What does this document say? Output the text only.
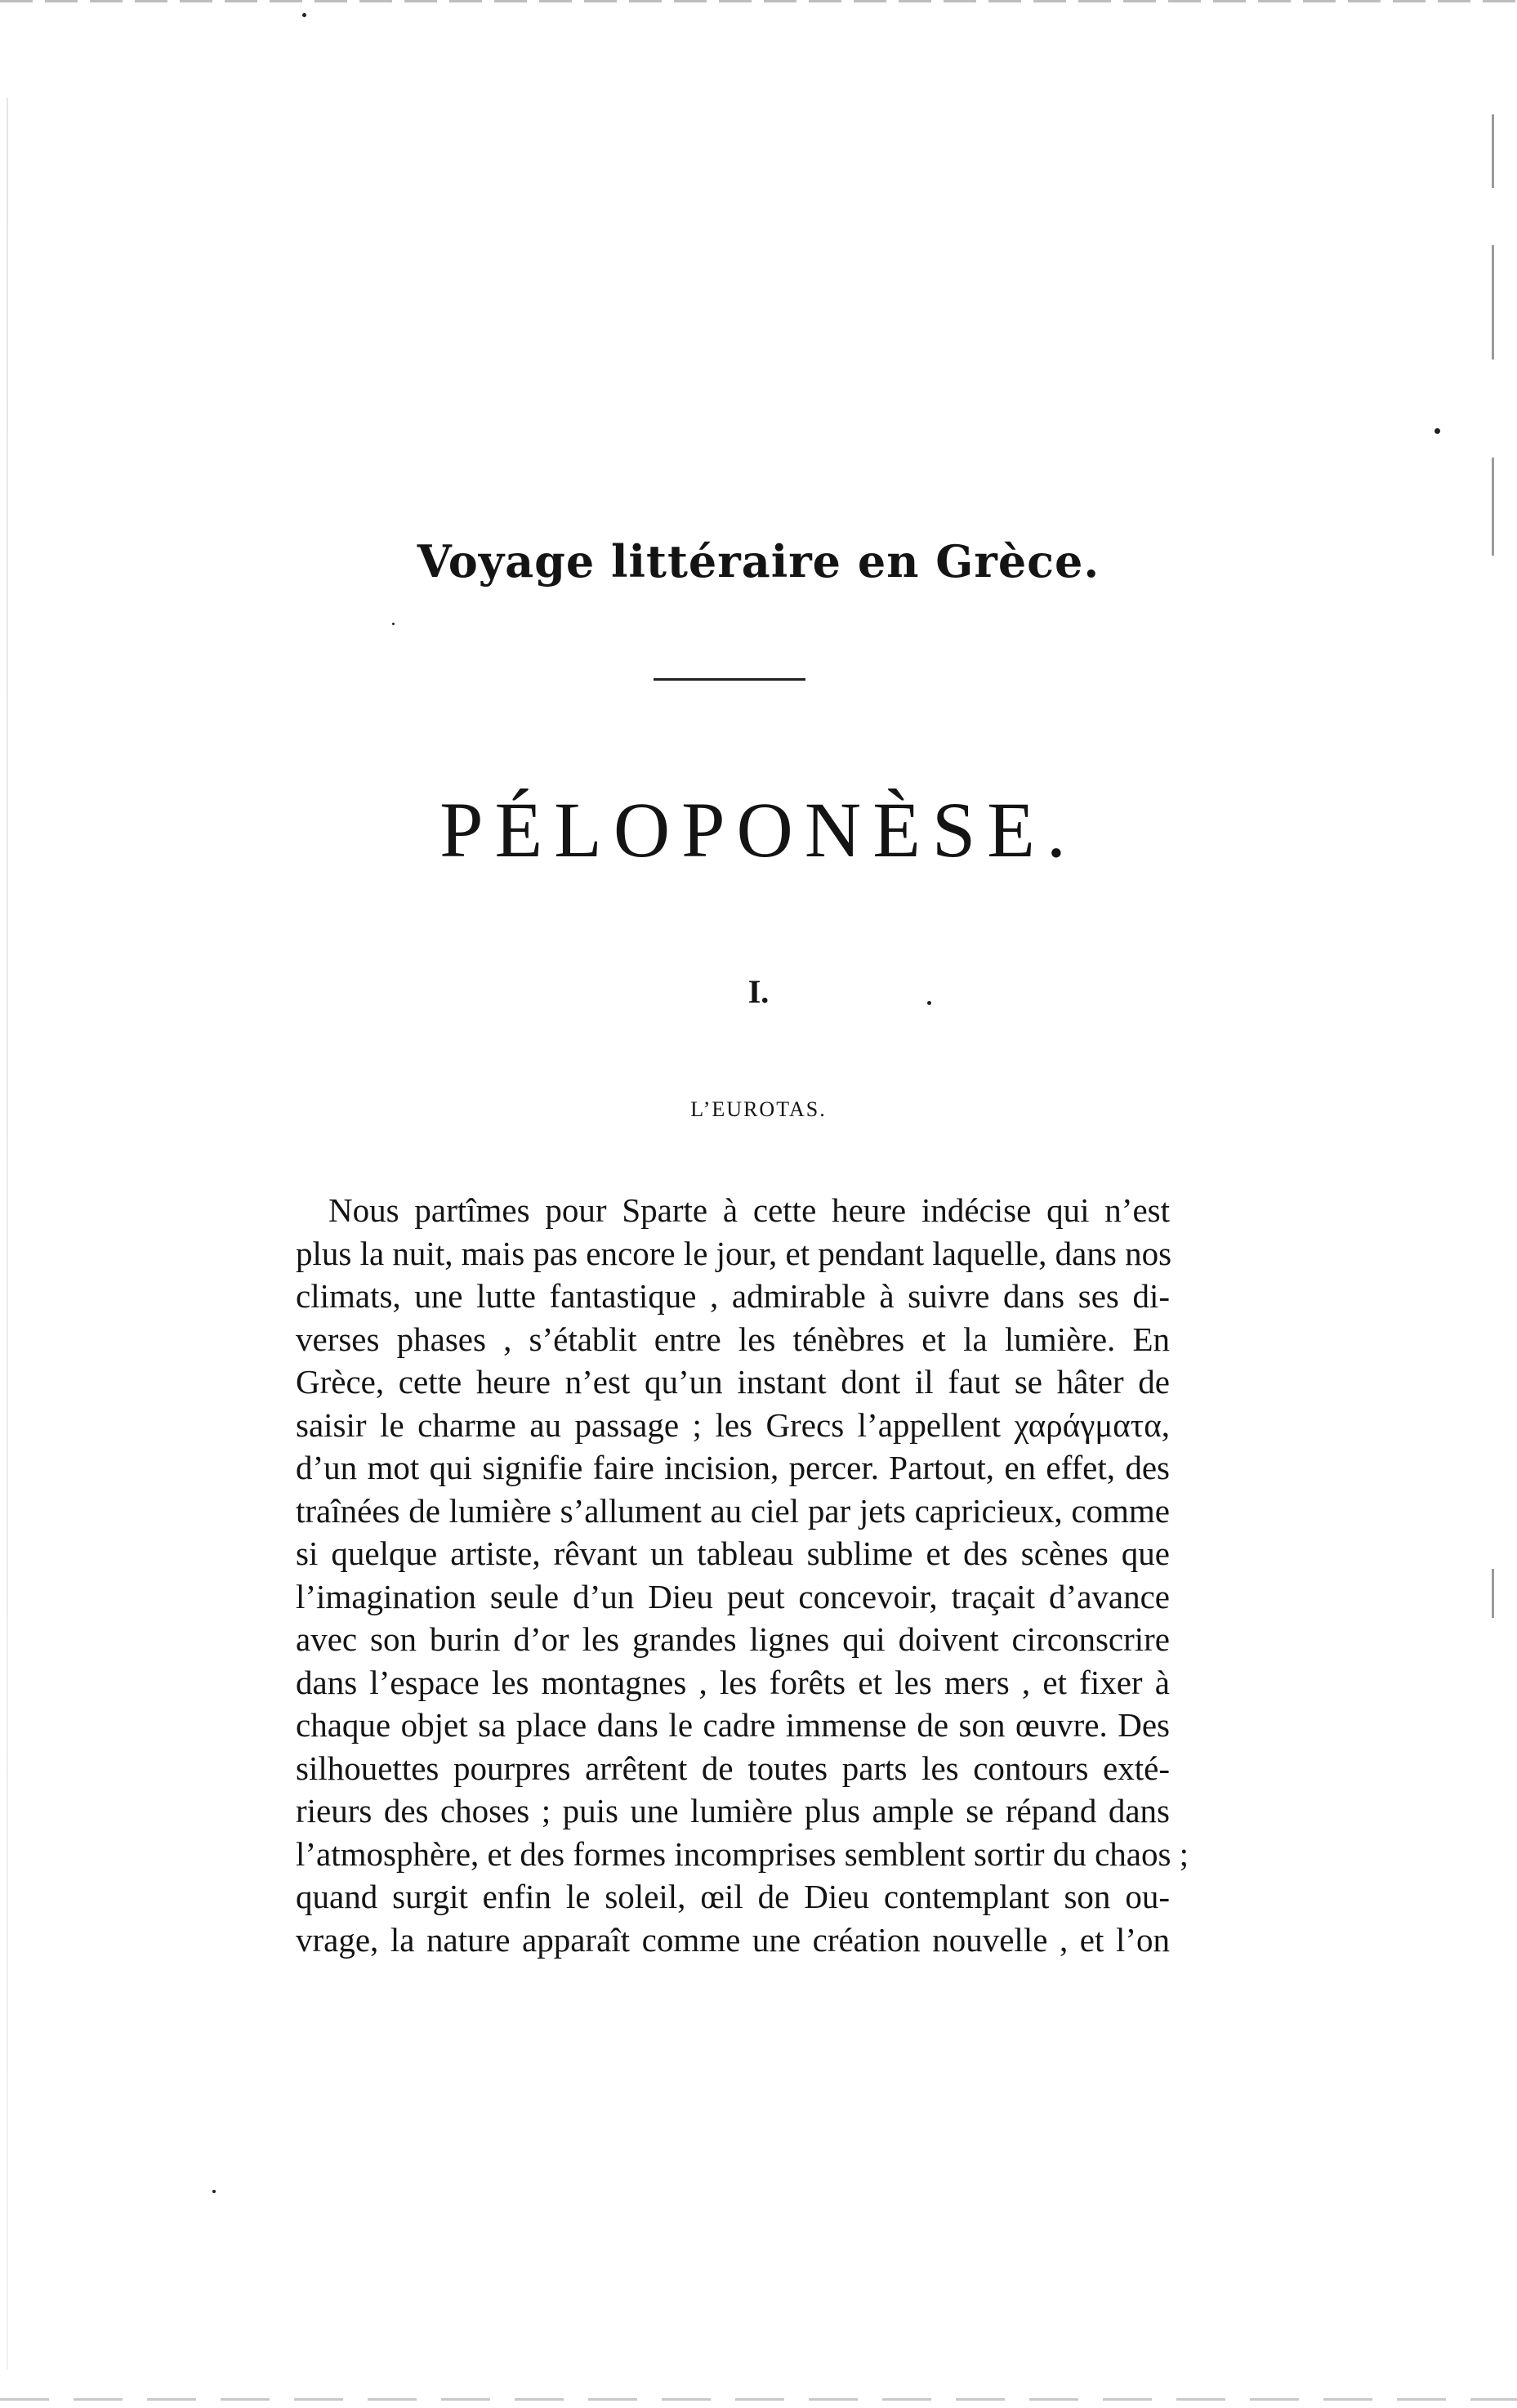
Voyage littéraire en Grèce.
PÉLOPONÈSE.
I.
L’EUROTAS.
Nous partîmes pour Sparte à cette heure indécise qui n’est
plus la nuit, mais pas encore le jour, et pendant laquelle, dans nos
climats, une lutte fantastique , admirable à suivre dans ses di-
verses phases , s’établit entre les ténèbres et la lumière. En
Grèce, cette heure n’est qu’un instant dont il faut se hâter de
saisir le charme au passage ; les Grecs l’appellent χαράγματα,
d’un mot qui signifie faire incision, percer. Partout, en effet, des
traînées de lumière s’allument au ciel par jets capricieux, comme
si quelque artiste, rêvant un tableau sublime et des scènes que
l’imagination seule d’un Dieu peut concevoir, traçait d’avance
avec son burin d’or les grandes lignes qui doivent circonscrire
dans l’espace les montagnes , les forêts et les mers , et fixer à
chaque objet sa place dans le cadre immense de son œuvre. Des
silhouettes pourpres arrêtent de toutes parts les contours exté-
rieurs des choses ; puis une lumière plus ample se répand dans
l’atmosphère, et des formes incomprises semblent sortir du chaos ;
quand surgit enfin le soleil, œil de Dieu contemplant son ou-
vrage, la nature apparaît comme une création nouvelle , et l’on
